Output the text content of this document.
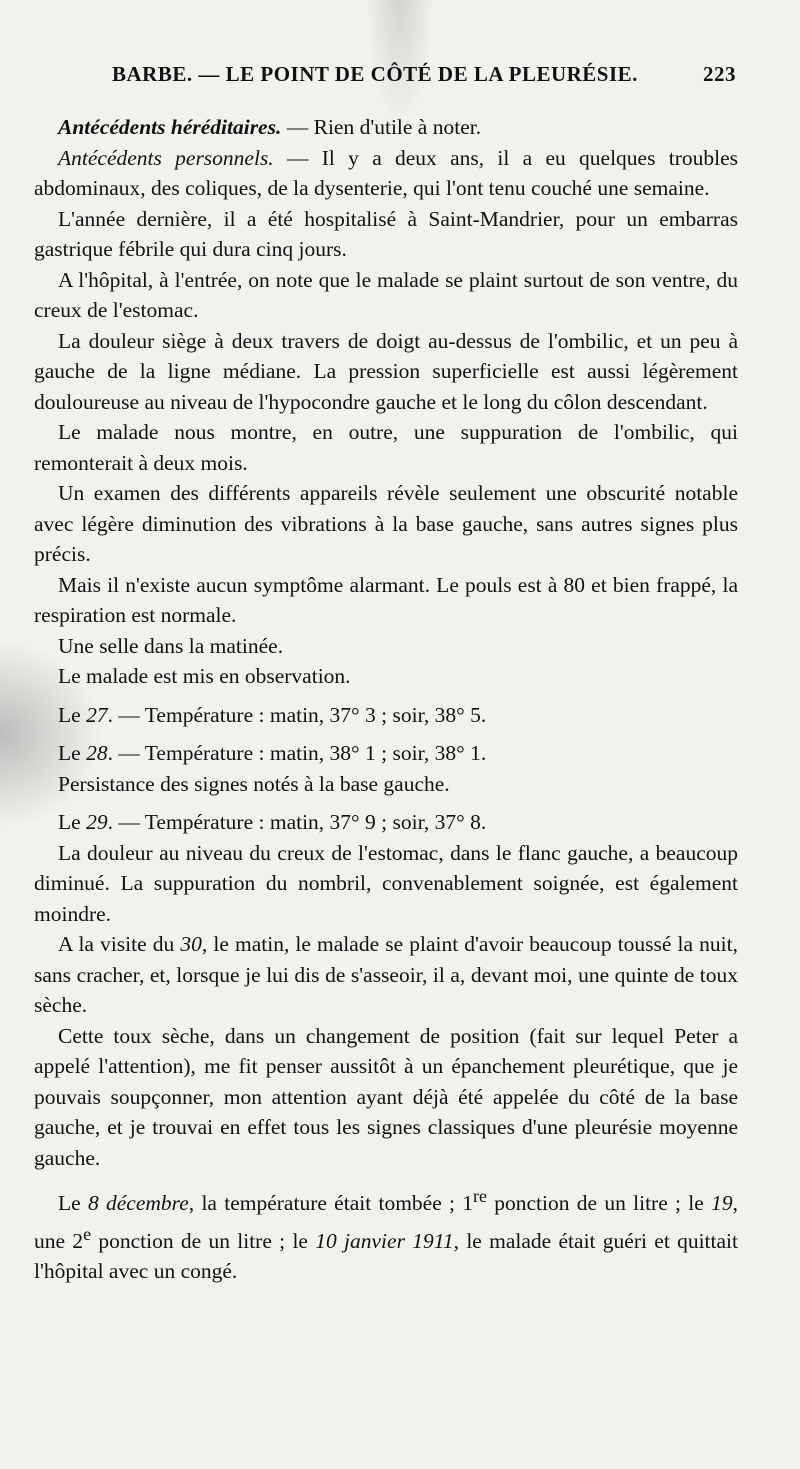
BARBE. — LE POINT DE CÔTÉ DE LA PLEURÉSIE.	223

Antécédents héréditaires. — Rien d'utile à noter.

Antécédents personnels. — Il y a deux ans, il a eu quelques troubles abdominaux, des coliques, de la dysenterie, qui l'ont tenu couché une semaine.

L'année dernière, il a été hospitalisé à Saint-Mandrier, pour un embarras gastrique fébrile qui dura cinq jours.

A l'hôpital, à l'entrée, on note que le malade se plaint surtout de son ventre, du creux de l'estomac.

La douleur siège à deux travers de doigt au-dessus de l'ombilic, et un peu à gauche de la ligne médiane. La pression superficielle est aussi légèrement douloureuse au niveau de l'hypocondre gauche et le long du côlon descendant.

Le malade nous montre, en outre, une suppuration de l'ombilic, qui remonterait à deux mois.

Un examen des différents appareils révèle seulement une obscurité notable avec légère diminution des vibrations à la base gauche, sans autres signes plus précis.

Mais il n'existe aucun symptôme alarmant. Le pouls est à 80 et bien frappé, la respiration est normale.

Une selle dans la matinée.

Le malade est mis en observation.

Le 27. — Température : matin, 37° 3 ; soir, 38° 5.

Le 28. — Température : matin, 38° 1 ; soir, 38° 1.

Persistance des signes notés à la base gauche.

Le 29. — Température : matin, 37° 9 ; soir, 37° 8.

La douleur au niveau du creux de l'estomac, dans le flanc gauche, a beaucoup diminué. La suppuration du nombril, convenablement soignée, est également moindre.

A la visite du 30, le matin, le malade se plaint d'avoir beaucoup toussé la nuit, sans cracher, et, lorsque je lui dis de s'asseoir, il a, devant moi, une quinte de toux sèche.

Cette toux sèche, dans un changement de position (fait sur lequel Peter a appelé l'attention), me fit penser aussitôt à un épanchement pleurétique, que je pouvais soupçonner, mon attention ayant déjà été appelée du côté de la base gauche, et je trouvai en effet tous les signes classiques d'une pleurésie moyenne gauche.

Le 8 décembre, la température était tombée ; 1re ponction de un litre ; le 19, une 2e ponction de un litre ; le 10 janvier 1911, le malade était guéri et quittait l'hôpital avec un congé.
